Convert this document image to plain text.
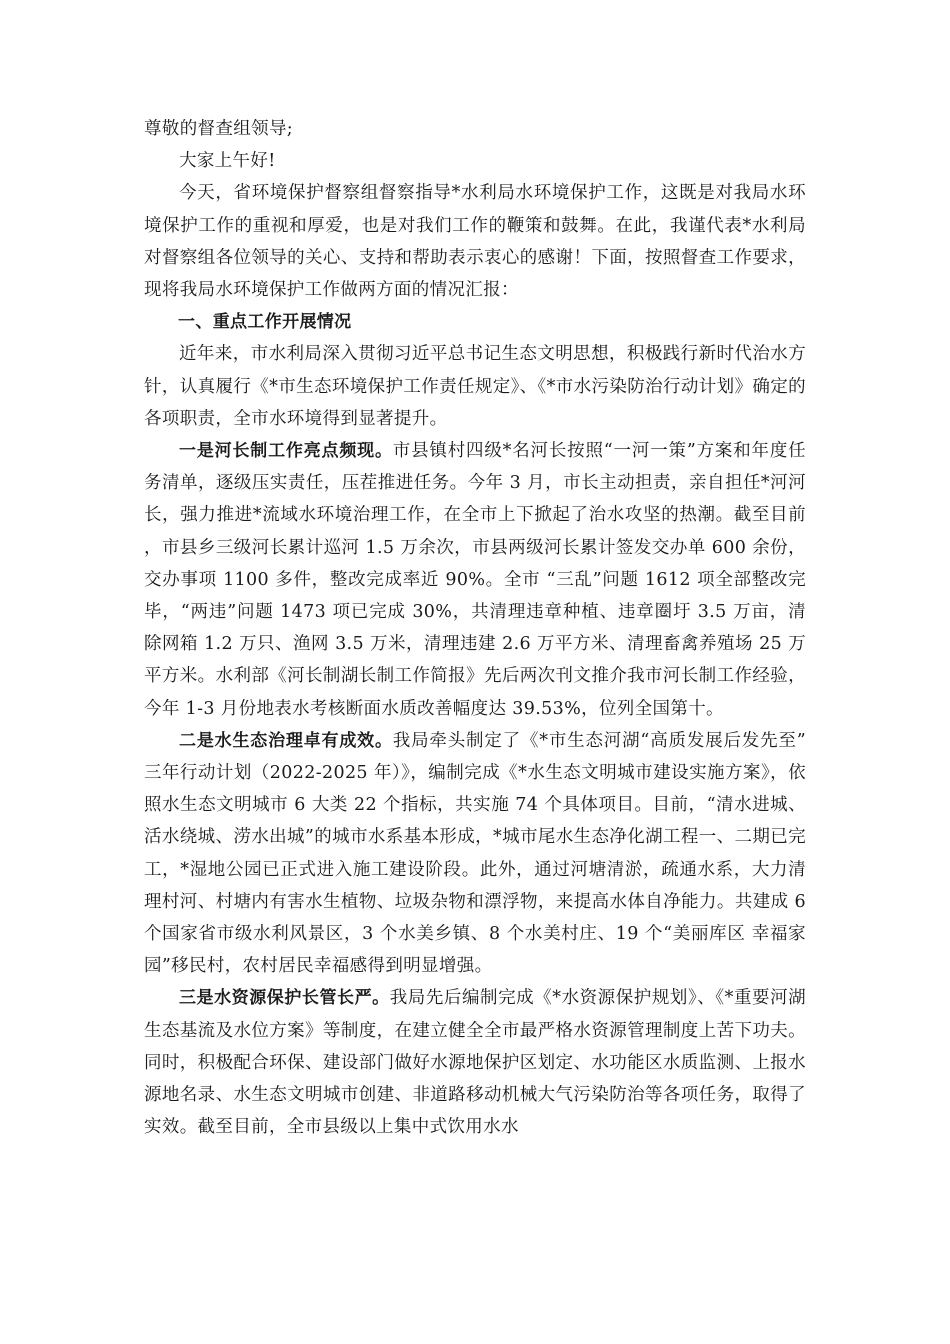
尊敬的督查组领导;

大家上午好!

今天，省环境保护督察组督察指导*水利局水环境保护工作，这既是对我局水环境保护工作的重视和厚爱，也是对我们工作的鞭策和鼓舞。在此，我谨代表*水利局对督察组各位领导的关心、支持和帮助表示衷心的感谢！下面，按照督查工作要求，现将我局水环境保护工作做两方面的情况汇报：

一、重点工作开展情况

近年来，市水利局深入贯彻习近平总书记生态文明思想，积极践行新时代治水方针，认真履行《*市生态环境保护工作责任规定》、《*市水污染防治行动计划》确定的各项职责，全市水环境得到显著提升。

一是河长制工作亮点频现。市县镇村四级*名河长按照“一河一策”方案和年度任务清单，逐级压实责任，压茬推进任务。今年 3 月，市长主动担责，亲自担任*河河长，强力推进*流域水环境治理工作，在全市上下掀起了治水攻坚的热潮。截至目前，市县乡三级河长累计巡河 1.5 万余次，市县两级河长累计签发交办单 600 余份，交办事项 1100 多件，整改完成率近 90%。全市 “三乱”问题 1612 项全部整改完毕，“两违”问题 1473 项已完成 30%，共清理违章种植、违章圈圩 3.5 万亩，清除网箱 1.2 万只、渔网 3.5 万米，清理违建 2.6 万平方米、清理畜禽养殖场 25 万平方米。水利部《河长制湖长制工作简报》先后两次刊文推介我市河长制工作经验，今年 1-3 月份地表水考核断面水质改善幅度达 39.53%，位列全国第十。

二是水生态治理卓有成效。我局牵头制定了《*市生态河湖“高质发展后发先至”三年行动计划（2022-2025 年）》，编制完成《*水生态文明城市建设实施方案》，依照水生态文明城市 6 大类 22 个指标，共实施 74 个具体项目。目前，“清水进城、活水绕城、涝水出城”的城市水系基本形成，*城市尾水生态净化湖工程一、二期已完工，*湿地公园已正式进入施工建设阶段。此外，通过河塘清淤，疏通水系，大力清理村河、村塘内有害水生植物、垃圾杂物和漂浮物，来提高水体自净能力。共建成 6 个国家省市级水利风景区，3 个水美乡镇、8 个水美村庄、19 个“美丽库区 幸福家园”移民村，农村居民幸福感得到明显增强。

三是水资源保护长管长严。我局先后编制完成《*水资源保护规划》、《*重要河湖生态基流及水位方案》等制度，在建立健全全市最严格水资源管理制度上苦下功夫。同时，积极配合环保、建设部门做好水源地保护区划定、水功能区水质监测、上报水源地名录、水生态文明城市创建、非道路移动机械大气污染防治等各项任务，取得了实效。截至目前，全市县级以上集中式饮用水水
